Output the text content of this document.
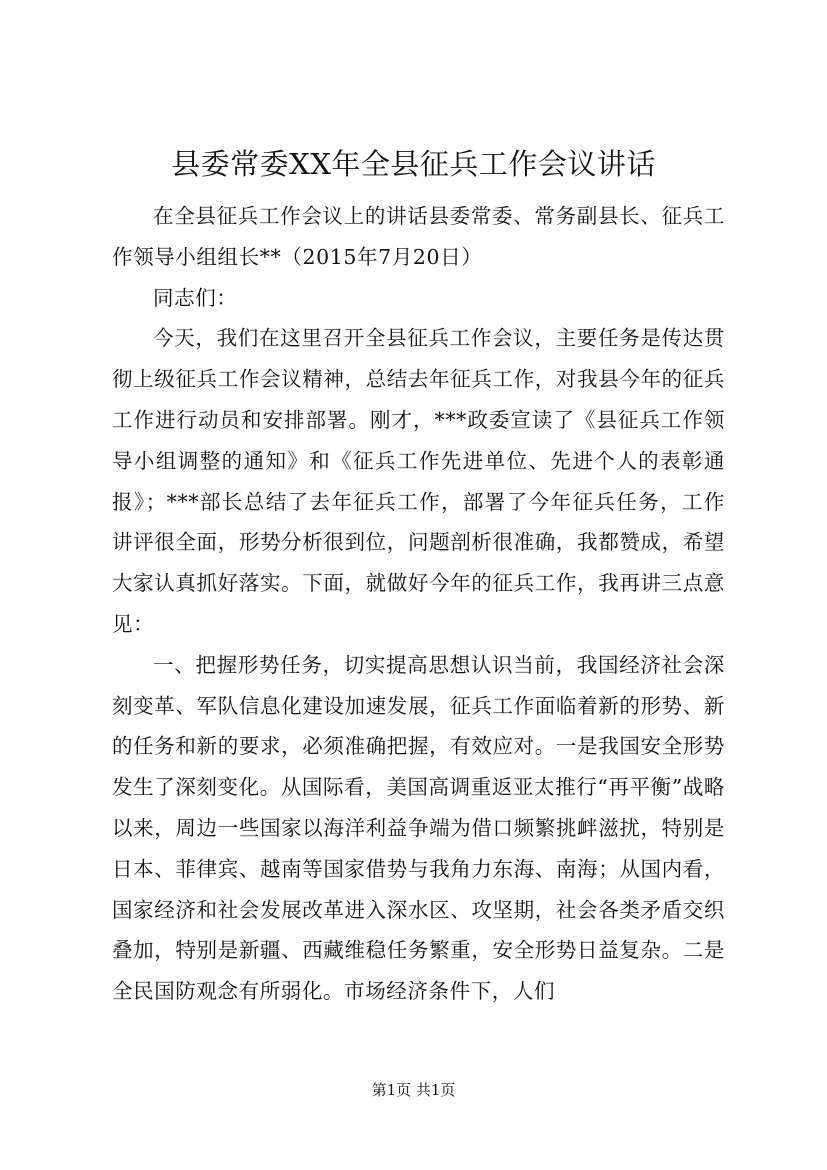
县委常委XX年全县征兵工作会议讲话

在全县征兵工作会议上的讲话县委常委、常务副县长、征兵工作领导小组组长**（2015年7月20日）

同志们：

今天，我们在这里召开全县征兵工作会议，主要任务是传达贯彻上级征兵工作会议精神，总结去年征兵工作，对我县今年的征兵工作进行动员和安排部署。刚才，***政委宣读了《县征兵工作领导小组调整的通知》和《征兵工作先进单位、先进个人的表彰通报》；***部长总结了去年征兵工作，部署了今年征兵任务，工作讲评很全面，形势分析很到位，问题剖析很准确，我都赞成，希望大家认真抓好落实。下面，就做好今年的征兵工作，我再讲三点意见：

一、把握形势任务，切实提高思想认识当前，我国经济社会深刻变革、军队信息化建设加速发展，征兵工作面临着新的形势、新的任务和新的要求，必须准确把握，有效应对。一是我国安全形势发生了深刻变化。从国际看，美国高调重返亚太推行“再平衡”战略以来，周边一些国家以海洋利益争端为借口频繁挑衅滋扰，特别是日本、菲律宾、越南等国家借势与我角力东海、南海；从国内看，国家经济和社会发展改革进入深水区、攻坚期，社会各类矛盾交织叠加，特别是新疆、西藏维稳任务繁重，安全形势日益复杂。二是全民国防观念有所弱化。市场经济条件下，人们

第1页 共1页
